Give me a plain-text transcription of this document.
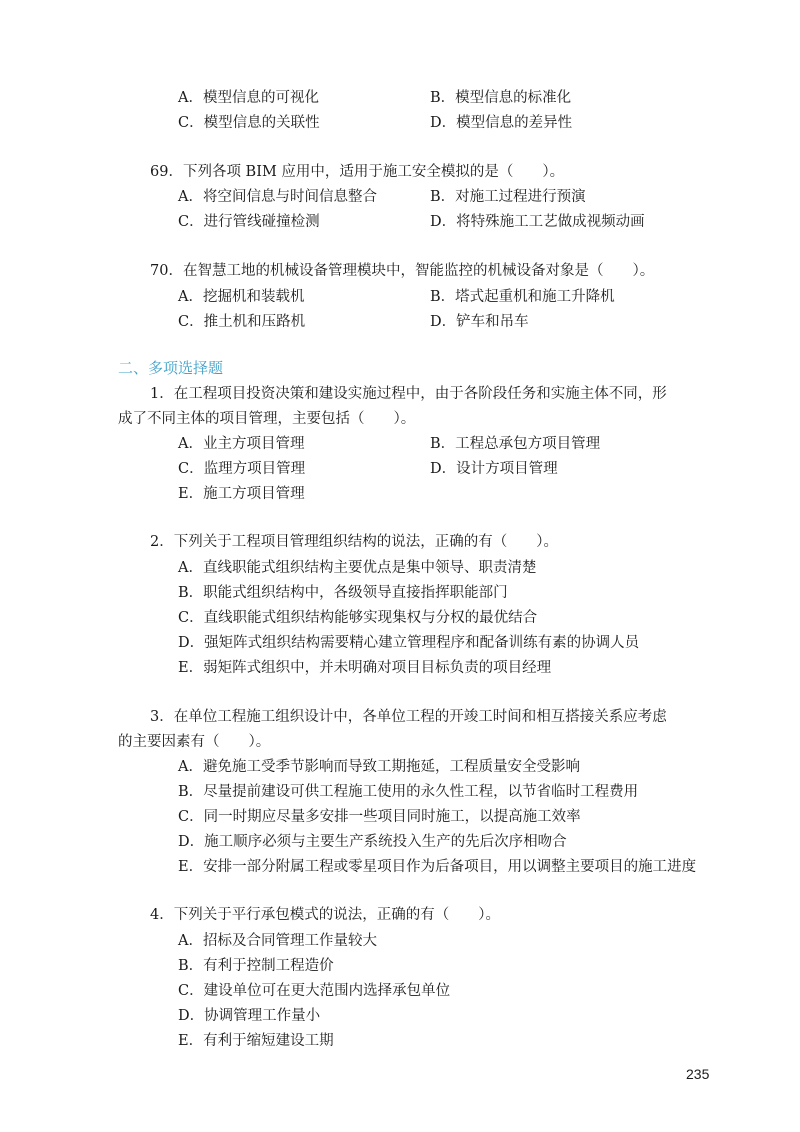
A．模型信息的可视化	B．模型信息的标准化
C．模型信息的关联性	D．模型信息的差异性
69．下列各项 BIM 应用中，适用于施工安全模拟的是（　　）。
A．将空间信息与时间信息整合	B．对施工过程进行预演
C．进行管线碰撞检测	D．将特殊施工工艺做成视频动画
70．在智慧工地的机械设备管理模块中，智能监控的机械设备对象是（　　）。
A．挖掘机和装载机	B．塔式起重机和施工升降机
C．推土机和压路机	D．铲车和吊车
二、多项选择题
1．在工程项目投资决策和建设实施过程中，由于各阶段任务和实施主体不同，形
成了不同主体的项目管理，主要包括（　　）。
A．业主方项目管理	B．工程总承包方项目管理
C．监理方项目管理	D．设计方项目管理
E．施工方项目管理
2．下列关于工程项目管理组织结构的说法，正确的有（　　）。
A．直线职能式组织结构主要优点是集中领导、职责清楚
B．职能式组织结构中，各级领导直接指挥职能部门
C．直线职能式组织结构能够实现集权与分权的最优结合
D．强矩阵式组织结构需要精心建立管理程序和配备训练有素的协调人员
E．弱矩阵式组织中，并未明确对项目目标负责的项目经理
3．在单位工程施工组织设计中，各单位工程的开竣工时间和相互搭接关系应考虑
的主要因素有（　　）。
A．避免施工受季节影响而导致工期拖延，工程质量安全受影响
B．尽量提前建设可供工程施工使用的永久性工程，以节省临时工程费用
C．同一时期应尽量多安排一些项目同时施工，以提高施工效率
D．施工顺序必须与主要生产系统投入生产的先后次序相吻合
E．安排一部分附属工程或零星项目作为后备项目，用以调整主要项目的施工进度
4．下列关于平行承包模式的说法，正确的有（　　）。
A．招标及合同管理工作量较大
B．有利于控制工程造价
C．建设单位可在更大范围内选择承包单位
D．协调管理工作量小
E．有利于缩短建设工期
235
